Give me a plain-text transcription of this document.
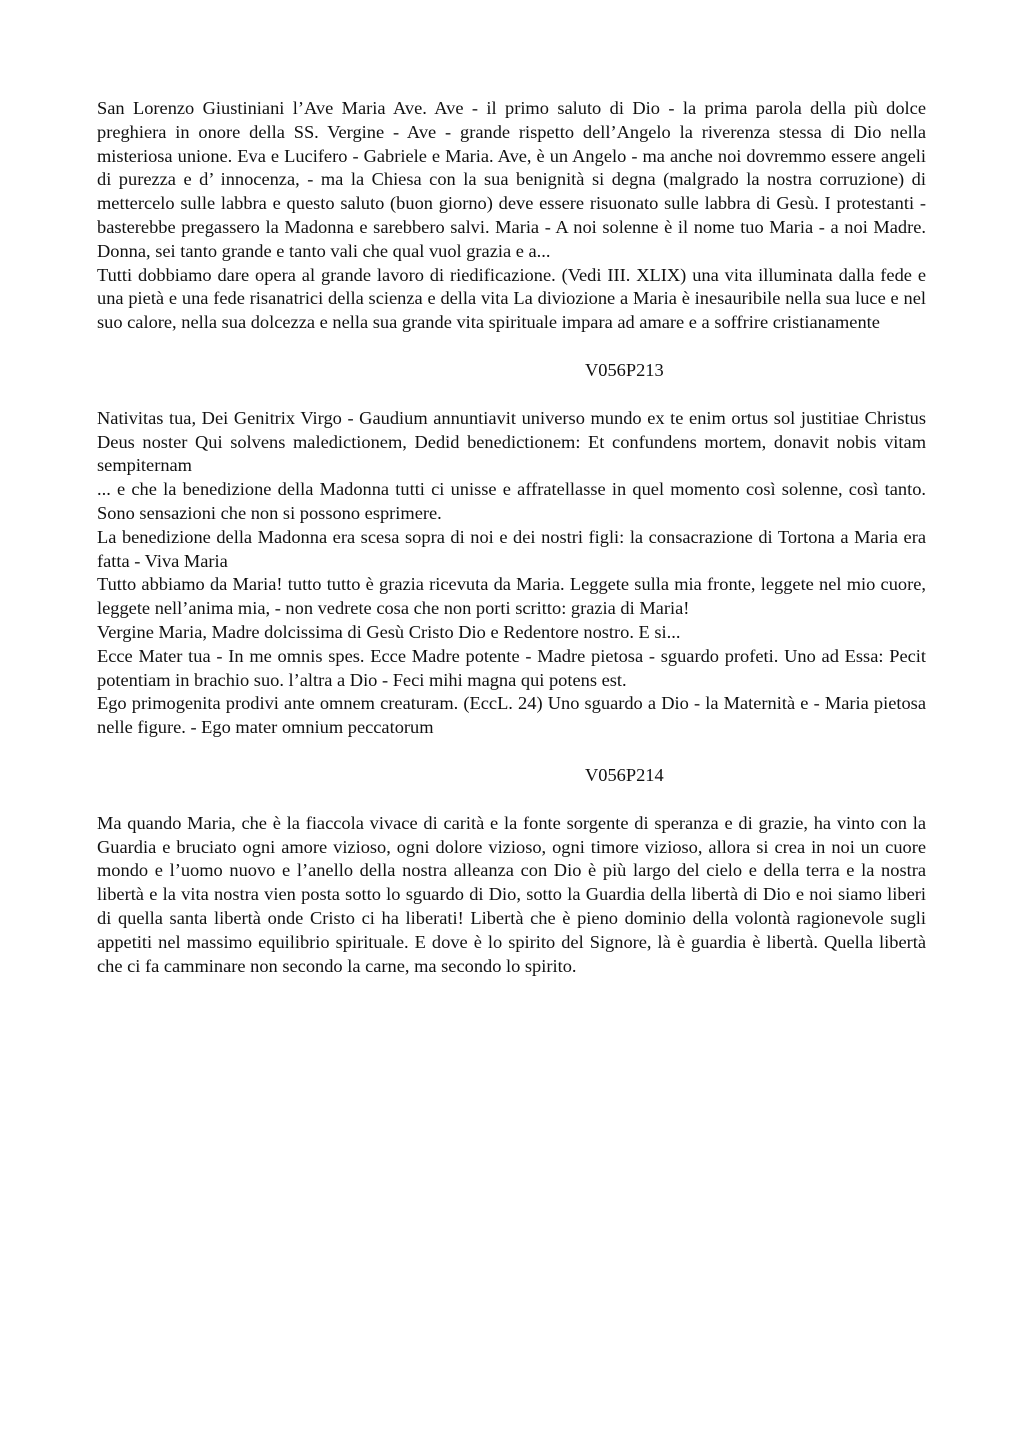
San Lorenzo Giustiniani l’Ave Maria Ave. Ave - il primo saluto di Dio - la prima parola della più dolce preghiera in onore della SS. Vergine - Ave - grande rispetto dell’Angelo la riverenza stessa di Dio nella misteriosa unione. Eva e Lucifero - Gabriele e Maria. Ave, è un Angelo - ma anche noi dovremmo essere angeli di purezza e d’ innocenza, - ma la Chiesa con la sua benignità si degna (malgrado la nostra corruzione) di mettercelo sulle labbra e questo saluto (buon giorno) deve essere risuonato sulle labbra di Gesù. I protestanti - basterebbe pregassero la Madonna e sarebbero salvi. Maria - A noi solenne è il nome tuo Maria - a noi Madre. Donna, sei tanto grande e tanto vali che qual vuol grazia e a...

Tutti dobbiamo dare opera al grande lavoro di riedificazione. (Vedi III. XLIX) una vita illuminata dalla fede e una pietà e una fede risanatrici della scienza e della vita La diviozione a Maria è inesauribile nella sua luce e nel suo calore, nella sua dolcezza e nella sua grande vita spirituale impara ad amare e a soffrire cristianamente

V056P213

Nativitas tua, Dei Genitrix Virgo - Gaudium annuntiavit universo mundo ex te enim ortus sol justitiae Christus Deus noster Qui solvens maledictionem, Dedid benedictionem: Et confundens mortem, donavit nobis vitam sempiternam

... e che la benedizione della Madonna tutti ci unisse e affratellasse in quel momento così solenne, così tanto. Sono sensazioni che non si possono esprimere.

La benedizione della Madonna era scesa sopra di noi e dei nostri figli: la consacrazione di Tortona a Maria era fatta - Viva Maria

Tutto abbiamo da Maria! tutto tutto è grazia ricevuta da Maria. Leggete sulla mia fronte, leggete nel mio cuore, leggete nell’anima mia, - non vedrete cosa che non porti scritto: grazia di Maria!

Vergine Maria, Madre dolcissima di Gesù Cristo Dio e Redentore nostro. E si...

Ecce Mater tua - In me omnis spes. Ecce Madre potente - Madre pietosa - sguardo profeti. Uno ad Essa: Pecit potentiam in brachio suo. l’altra a Dio - Feci mihi magna qui potens est.

Ego primogenita prodivi ante omnem creaturam. (EccL. 24) Uno sguardo a Dio - la Maternità e - Maria pietosa nelle figure. - Ego mater omnium peccatorum

V056P214

Ma quando Maria, che è la fiaccola vivace di carità e la fonte sorgente di speranza e di grazie, ha vinto con la Guardia e bruciato ogni amore vizioso, ogni dolore vizioso, ogni timore vizioso, allora si crea in noi un cuore mondo e l’uomo nuovo e l’anello della nostra alleanza con Dio è più largo del cielo e della terra e la nostra libertà e la vita nostra vien posta sotto lo sguardo di Dio, sotto la Guardia della libertà di Dio e noi siamo liberi di quella santa libertà onde Cristo ci ha liberati! Libertà che è pieno dominio della volontà ragionevole sugli appetiti nel massimo equilibrio spirituale. E dove è lo spirito del Signore, là è guardia è libertà. Quella libertà che ci fa camminare non secondo la carne, ma secondo lo spirito.
